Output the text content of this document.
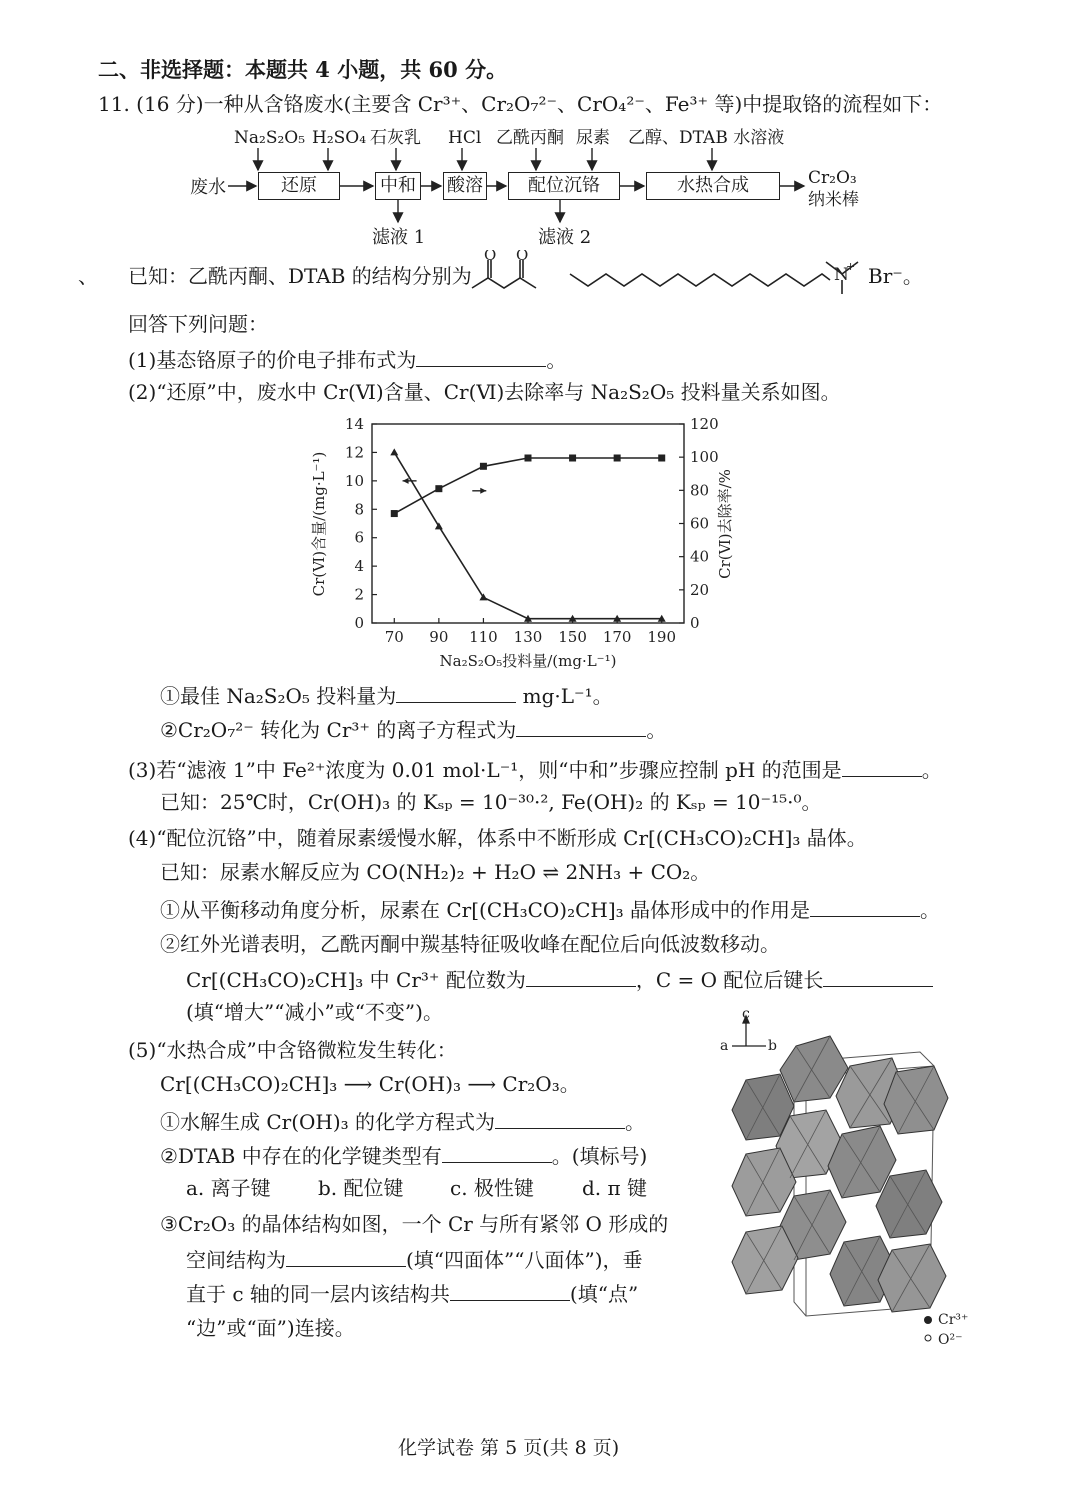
二、非选择题：本题共 4 小题，共 60 分。
11. (16 分)一种从含铬废水(主要含 Cr³⁺、Cr₂O₇²⁻、CrO₄²⁻、Fe³⁺ 等)中提取铬的流程如下：
Na₂S₂O₅ H₂SO₄ 石灰乳 HCl 乙酰丙酮 尿素 乙醇、DTAB 水溶液
废水	还原	中和 酸溶	配位沉铬	水热合成	Cr₂O₃
纳米棒
滤液 1	滤液 2
已知：乙酰丙酮、DTAB 的结构分别为
O O
N
+
、	Br⁻。
回答下列问题：
(1)基态铬原子的价电子排布式为	。
(2)“还原”中，废水中 Cr(Ⅵ)含量、Cr(Ⅵ)去除率与 Na₂S₂O₅ 投料量关系如图。
0
2
4
6
8
10
12
14
0
20
40
60
80
100
120
70 90 110 130 150 170 190
Cr(Ⅵ)含量/(mg·L⁻¹)	Cr(Ⅵ)去除率/%
Na₂S₂O₅投料量/(mg·L⁻¹)
①最佳 Na₂S₂O₅ 投料量为	mg·L⁻¹。
②Cr₂O₇²⁻ 转化为 Cr³⁺ 的离子方程式为	。
(3)若“滤液 1”中 Fe²⁺浓度为 0.01 mol·L⁻¹，则“中和”步骤应控制 pH 的范围是	。
已知：25℃时，Cr(OH)₃ 的 Kₛₚ = 10⁻³⁰·², Fe(OH)₂ 的 Kₛₚ = 10⁻¹⁵·⁰。
(4)“配位沉铬”中，随着尿素缓慢水解，体系中不断形成 Cr[(CH₃CO)₂CH]₃ 晶体。
已知：尿素水解反应为 CO(NH₂)₂ + H₂O ⇌ 2NH₃ + CO₂。
①从平衡移动角度分析，尿素在 Cr[(CH₃CO)₂CH]₃ 晶体形成中的作用是	。
②红外光谱表明，乙酰丙酮中羰基特征吸收峰在配位后向低波数移动。
Cr[(CH₃CO)₂CH]₃ 中 Cr³⁺ 配位数为	，C = O 配位后键长
(填“增大”“减小”或“不变”)。
(5)“水热合成”中含铬微粒发生转化：
Cr[(CH₃CO)₂CH]₃ ⟶ Cr(OH)₃ ⟶ Cr₂O₃。
①水解生成 Cr(OH)₃ 的化学方程式为	。
②DTAB 中存在的化学键类型有	。(填标号)
a. 离子键 b. 配位键 c. 极性键 d. π 键
③Cr₂O₃ 的晶体结构如图，一个 Cr 与所有紧邻 O 形成的
空间结构为	(填“四面体”“八面体”)，垂
直于 c 轴的同一层内该结构共	(填“点”
“边”或“面”)连接。
c
a	b
Cr³⁺
O²⁻
化学试卷 第 5 页(共 8 页)
